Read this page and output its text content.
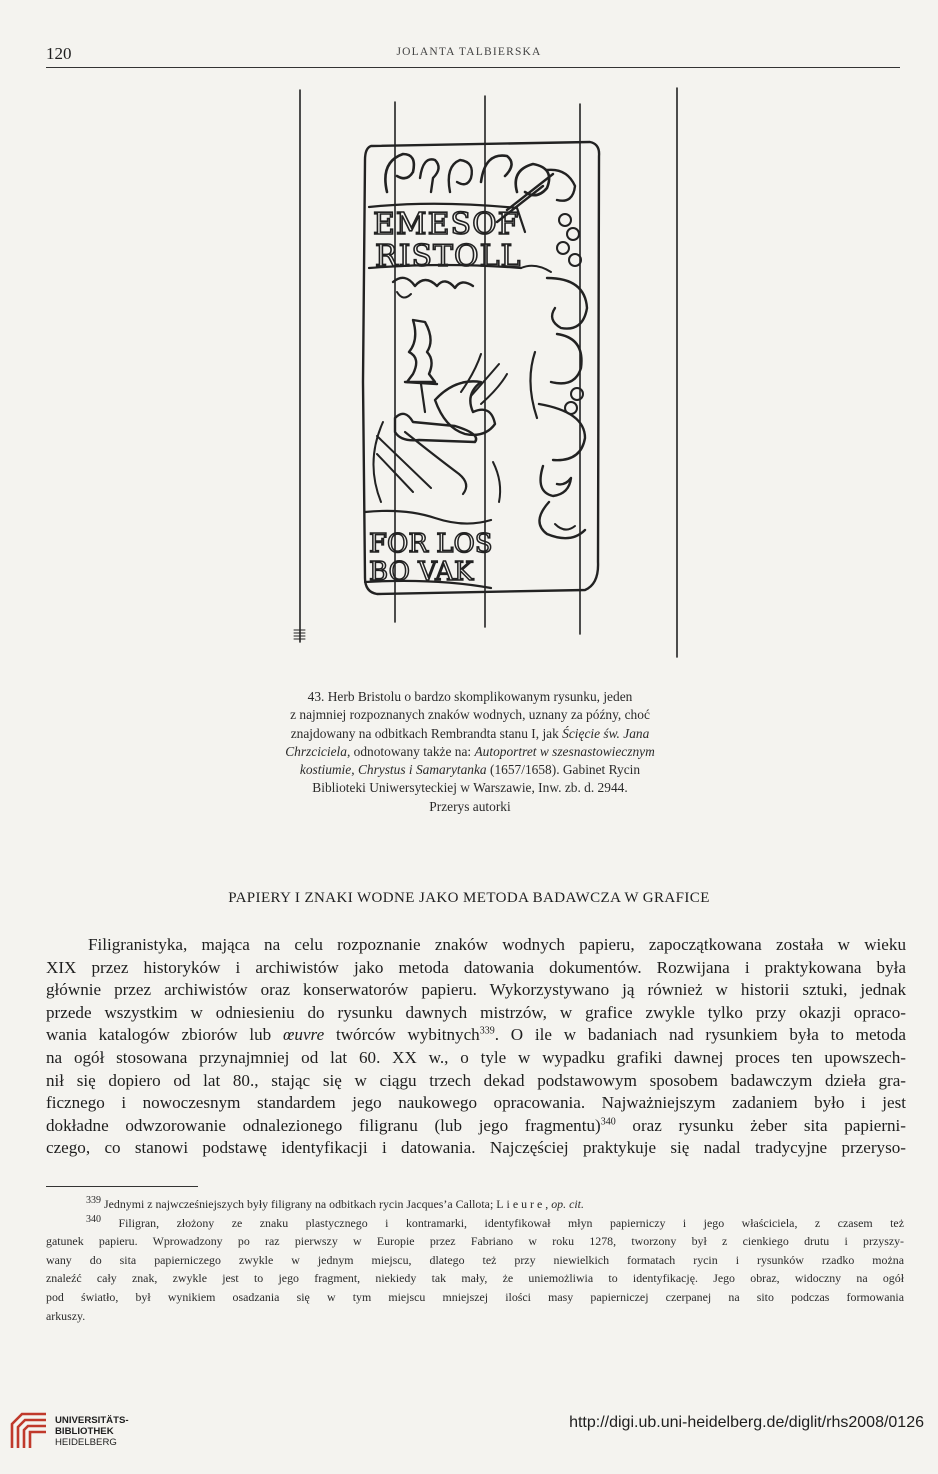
120	JOLANTA TALBIERSKA
EMESOF
RISTOLL
FOR LOS
BO VAK
43. Herb Bristolu o bardzo skomplikowanym rysunku, jeden
z najmniej rozpoznanych znaków wodnych, uznany za późny, choć
znajdowany na odbitkach Rembrandta stanu I, jak Ścięcie św. Jana
Chrzciciela, odnotowany także na: Autoportret w szesnastowiecznym
kostiumie, Chrystus i Samarytanka (1657/1658). Gabinet Rycin
Biblioteki Uniwersyteckiej w Warszawie, Inw. zb. d. 2944.
Przerys autorki
PAPIERY I ZNAKI WODNE JAKO METODA BADAWCZA W GRAFICE
Filigranistyka, mająca na celu rozpoznanie znaków wodnych papieru, zapoczątkowana została w wieku
XIX przez historyków i archiwistów jako metoda datowania dokumentów. Rozwijana i praktykowana była
głównie przez archiwistów oraz konserwatorów papieru. Wykorzystywano ją również w historii sztuki, jednak
przede wszystkim w odniesieniu do rysunku dawnych mistrzów, w grafice zwykle tylko przy okazji opraco-
wania katalogów zbiorów lub œuvre twórców wybitnych$^{339}$. O ile w badaniach nad rysunkiem była to metoda
na ogół stosowana przynajmniej od lat 60. XX w., o tyle w wypadku grafiki dawnej proces ten upowszech-
nił się dopiero od lat 80., stając się w ciągu trzech dekad podstawowym sposobem badawczym dzieła gra-
ficznego i nowoczesnym standardem jego naukowego opracowania. Najważniejszym zadaniem było i jest
dokładne odwzorowanie odnalezionego filigranu (lub jego fragmentu)$^{340}$ oraz rysunku żeber sita papierni-
czego, co stanowi podstawę identyfikacji i datowania. Najczęściej praktykuje się nadal tradycyjne przeryso-
$^{339}$ Jednymi z najwcześniejszych były filigrany na odbitkach rycin Jacques’a Callota; Lieure, op. cit.
$^{340}$ Filigran, złożony ze znaku plastycznego i kontramarki, identyfikował młyn papierniczy i jego właściciela, z czasem też
gatunek papieru. Wprowadzony po raz pierwszy w Europie przez Fabriano w roku 1278, tworzony był z cienkiego drutu i przyszy-
wany do sita papierniczego zwykle w jednym miejscu, dlatego też przy niewielkich formatach rycin i rysunków rzadko można
znaleźć cały znak, zwykle jest to jego fragment, niekiedy tak mały, że uniemożliwia to identyfikację. Jego obraz, widoczny na ogół
pod światło, był wynikiem osadzania się w tym miejscu mniejszej ilości masy papierniczej czerpanej na sito podczas formowania
arkuszy.
UNIVERSITÄTS-
BIBLIOTHEK
HEIDELBERG
http://digi.ub.uni-heidelberg.de/diglit/rhs2008/0126
